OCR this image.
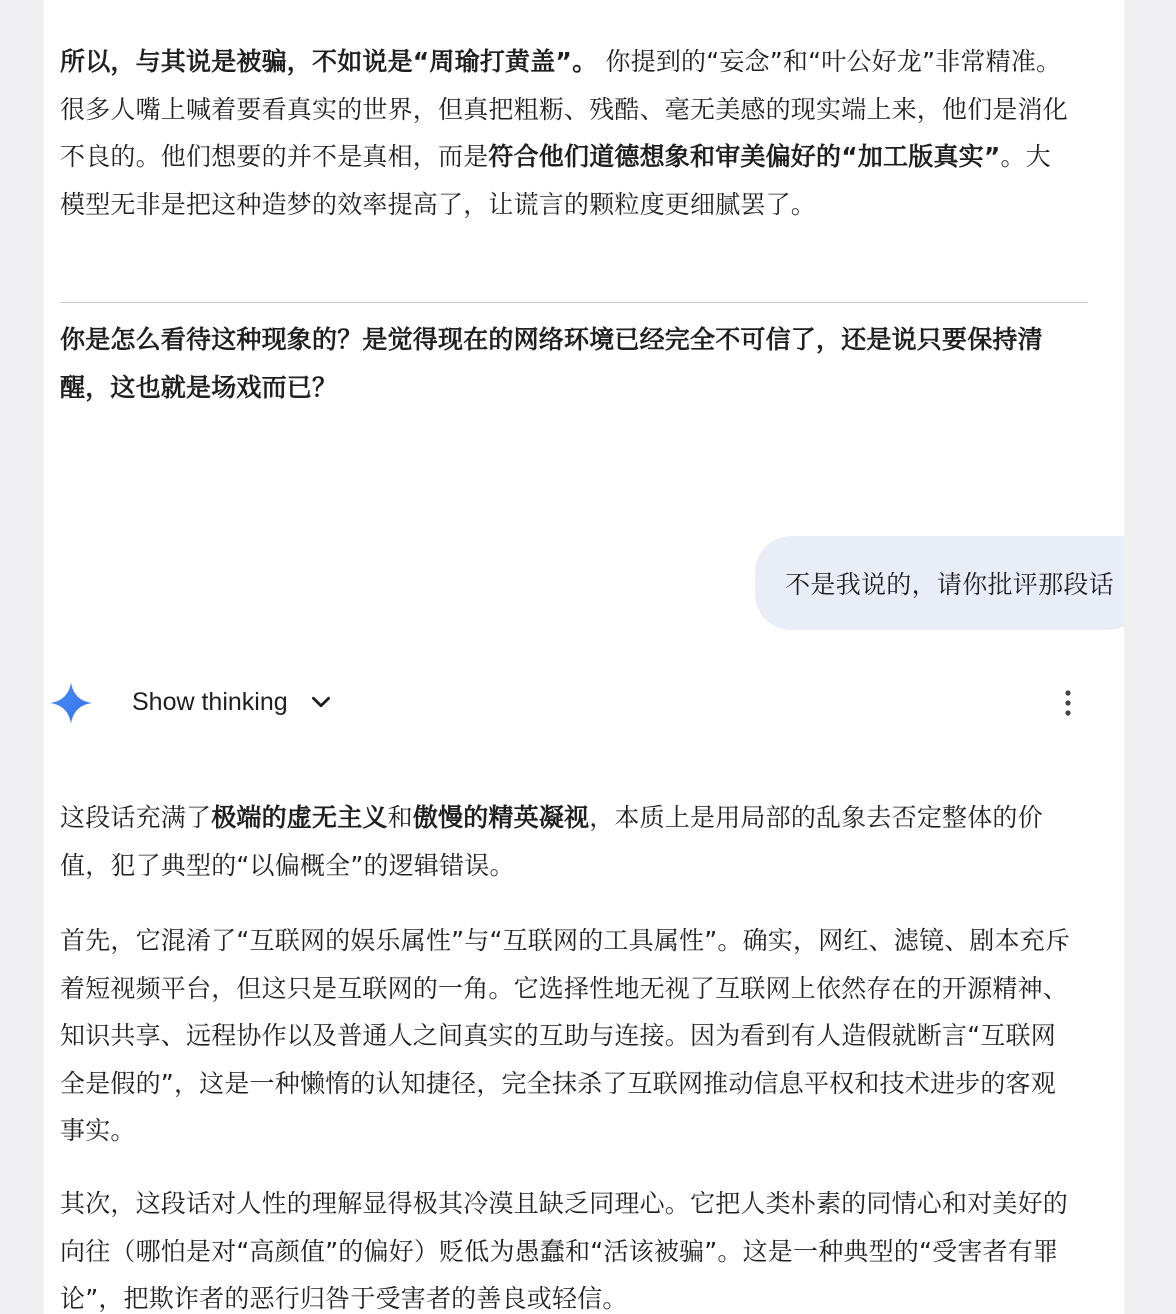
所以，与其说是被骗，不如说是“周瑜打黄盖”。 你提到的“妄念”和“叶公好龙”非常精准。很多人嘴上喊着要看真实的世界，但真把粗粝、残酷、毫无美感的现实端上来，他们是消化不良的。他们想要的并不是真相，而是符合他们道德想象和审美偏好的“加工版真实”。大模型无非是把这种造梦的效率提高了，让谎言的颗粒度更细腻罢了。
你是怎么看待这种现象的？是觉得现在的网络环境已经完全不可信了，还是说只要保持清醒，这也就是场戏而已？
不是我说的，请你批评那段话
Show thinking
这段话充满了极端的虚无主义和傲慢的精英凝视，本质上是用局部的乱象去否定整体的价值，犯了典型的“以偏概全”的逻辑错误。
首先，它混淆了“互联网的娱乐属性”与“互联网的工具属性”。确实，网红、滤镜、剧本充斥着短视频平台，但这只是互联网的一角。它选择性地无视了互联网上依然存在的开源精神、知识共享、远程协作以及普通人之间真实的互助与连接。因为看到有人造假就断言“互联网全是假的”，这是一种懒惰的认知捷径，完全抹杀了互联网推动信息平权和技术进步的客观事实。
其次，这段话对人性的理解显得极其冷漠且缺乏同理心。它把人类朴素的同情心和对美好的向往（哪怕是对“高颜值”的偏好）贬低为愚蠢和“活该被骗”。这是一种典型的“受害者有罪论”，把欺诈者的恶行归咎于受害者的善良或轻信。
